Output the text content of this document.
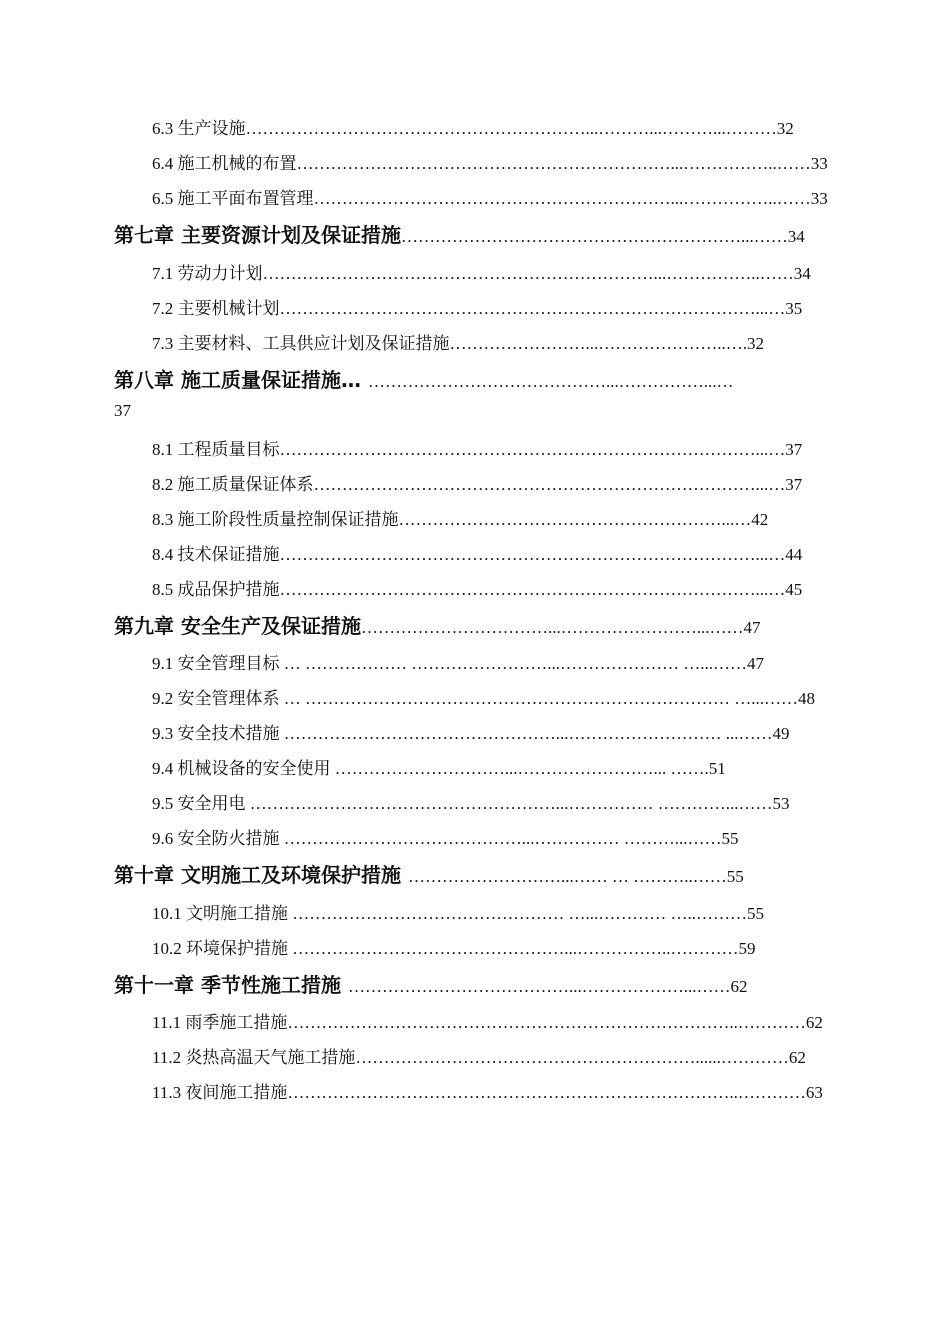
6.3 生产设施……………………………………………………...………...………...………32
6.4 施工机械的布置…………………………………………………………...……………..……33
6.5 施工平面布置管理………………………………………………………...……………..……33
第七章 主要资源计划及保证措施……………………………………………………...……34
7.1 劳动力计划……………………………………………………………...……………..……34
7.2 主要机械计划…………………………………………………………………………...…35
7.3 主要材料、工具供应计划及保证措施……………………...…………………..….32
第八章 施工质量保证措施… ……………………………………...……………...…
37
8.1 工程质量目标…………………………………………………………………………...…37
8.2 施工质量保证体系……………………………………………………………………...…37
8.3 施工阶段性质量控制保证措施…………………………………………………...…42
8.4 技术保证措施…………………………………………………………………………...…44
8.5 成品保护措施…………………………………………………………………………...…45
第九章 安全生产及保证措施……………………………...……………………...……47
9.1 安全管理目标 … ……………… ……………………...………………… …...……47
9.2 安全管理体系 … ………………………………………………………………… …...……48
9.3 安全技术措施 …………………………………………...……………………… ...……49
9.4 机械设备的安全使用 …………………………...……………………... …….51
9.5 安全用电 ………………………………………………...…………… …………...……53
9.6 安全防火措施 ……………………………………...…………… ………...……55
第十章 文明施工及环境保护措施 ………………………...…… … ………..……55
10.1 文明施工措施 ………………………………………… …...………… …..………55
10.2 环境保护措施 …………………………………………...……………..…………59
第十一章 季节性施工措施 …………………………………...………………...……62
11.1 雨季施工措施……………………………………………………………………..…………62
11.2 炎热高温天气施工措施……………………………………………………......…………62
11.3 夜间施工措施……………………………………………………………………..…………63
